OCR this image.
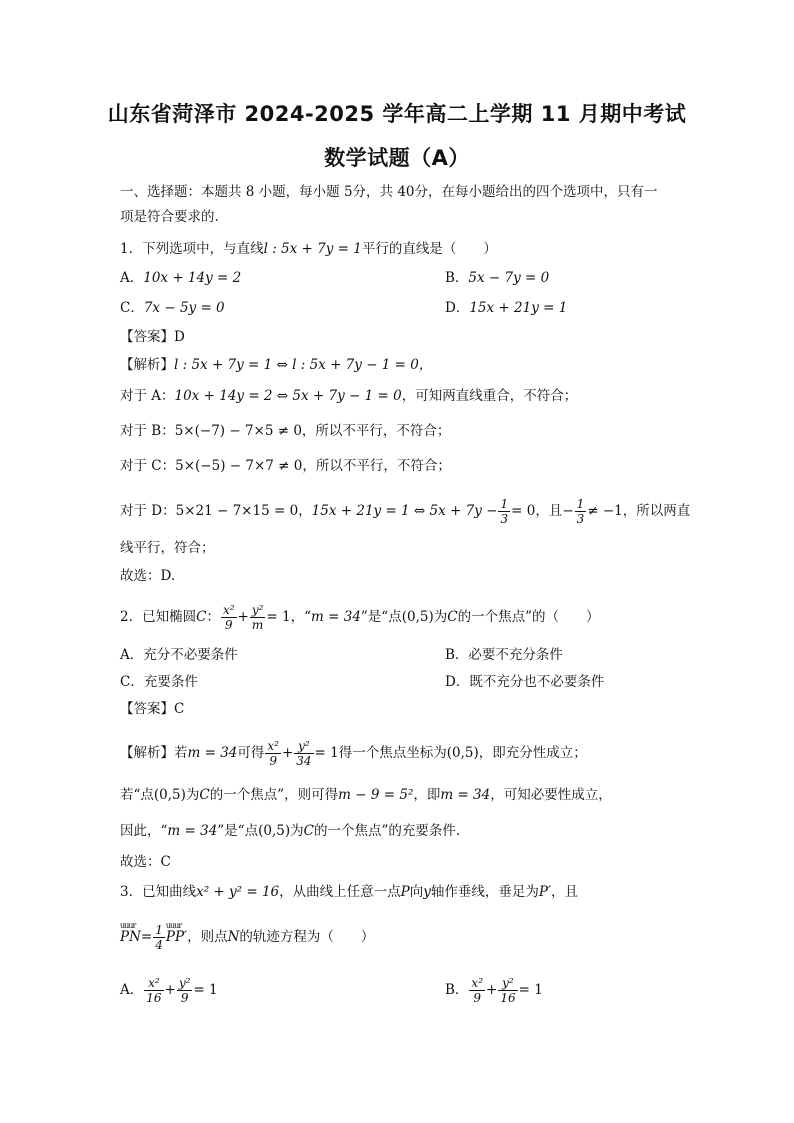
山东省菏泽市 2024-2025 学年高二上学期 11 月期中考试
数学试题（A）
一、选择题：本题共 8 小题，每小题 5分，共 40分，在每小题给出的四个选项中，只有一
项是符合要求的.
1．下列选项中，与直线l : 5x + 7y = 1平行的直线是（　　）
A．10x + 14y = 2	B．5x − 7y = 0
C．7x − 5y = 0	D．15x + 21y = 1
【答案】D
【解析】l : 5x + 7y = 1 ⇔ l : 5x + 7y − 1 = 0，
对于 A：10x + 14y = 2 ⇔ 5x + 7y − 1 = 0，可知两直线重合，不符合；
对于 B：5×(−7) − 7×5 ≠ 0，所以不平行，不符合；
对于 C：5×(−5) − 7×7 ≠ 0，所以不平行，不符合；
对于 D：5×21 − 7×15 = 0，15x + 21y = 1 ⇔ $5x + 7y - \frac{1}{3} = 0$，且− $\frac{1}{3} \ne -1$，所以两直
线平行，符合；
故选：D.
2．已知椭圆C： $\frac{\text{x²}}{9} + \frac{\text{y²}}{m} = 1$，“m = 34”是“点(0,5)为C的一个焦点”的（　　）
A．充分不必要条件	B．必要不充分条件
C．充要条件	D．既不充分也不必要条件
【答案】C
【解析】若m = 34可得 $\frac{\text{x²}}{9} + \frac{\text{y²}}{34} = 1$得一个焦点坐标为(0,5)，即充分性成立；
若“点(0,5)为C的一个焦点”，则可得m − 9 = 5²，即m = 34，可知必要性成立，
因此，“m = 34”是“点(0,5)为C的一个焦点”的充要条件.
故选：C
3．已知曲线x² + y² = 16，从曲线上任意一点P向y轴作垂线，垂足为P′，且
uuur
$PN= \frac{1}{4}$ uuur
PP′，则点N的轨迹方程为（　　）
A． $\frac{\text{x²}}{16} + \frac{\text{y²}}{9} = 1$	B． $\frac{\text{x²}}{9} + \frac{\text{y²}}{16} = 1$
